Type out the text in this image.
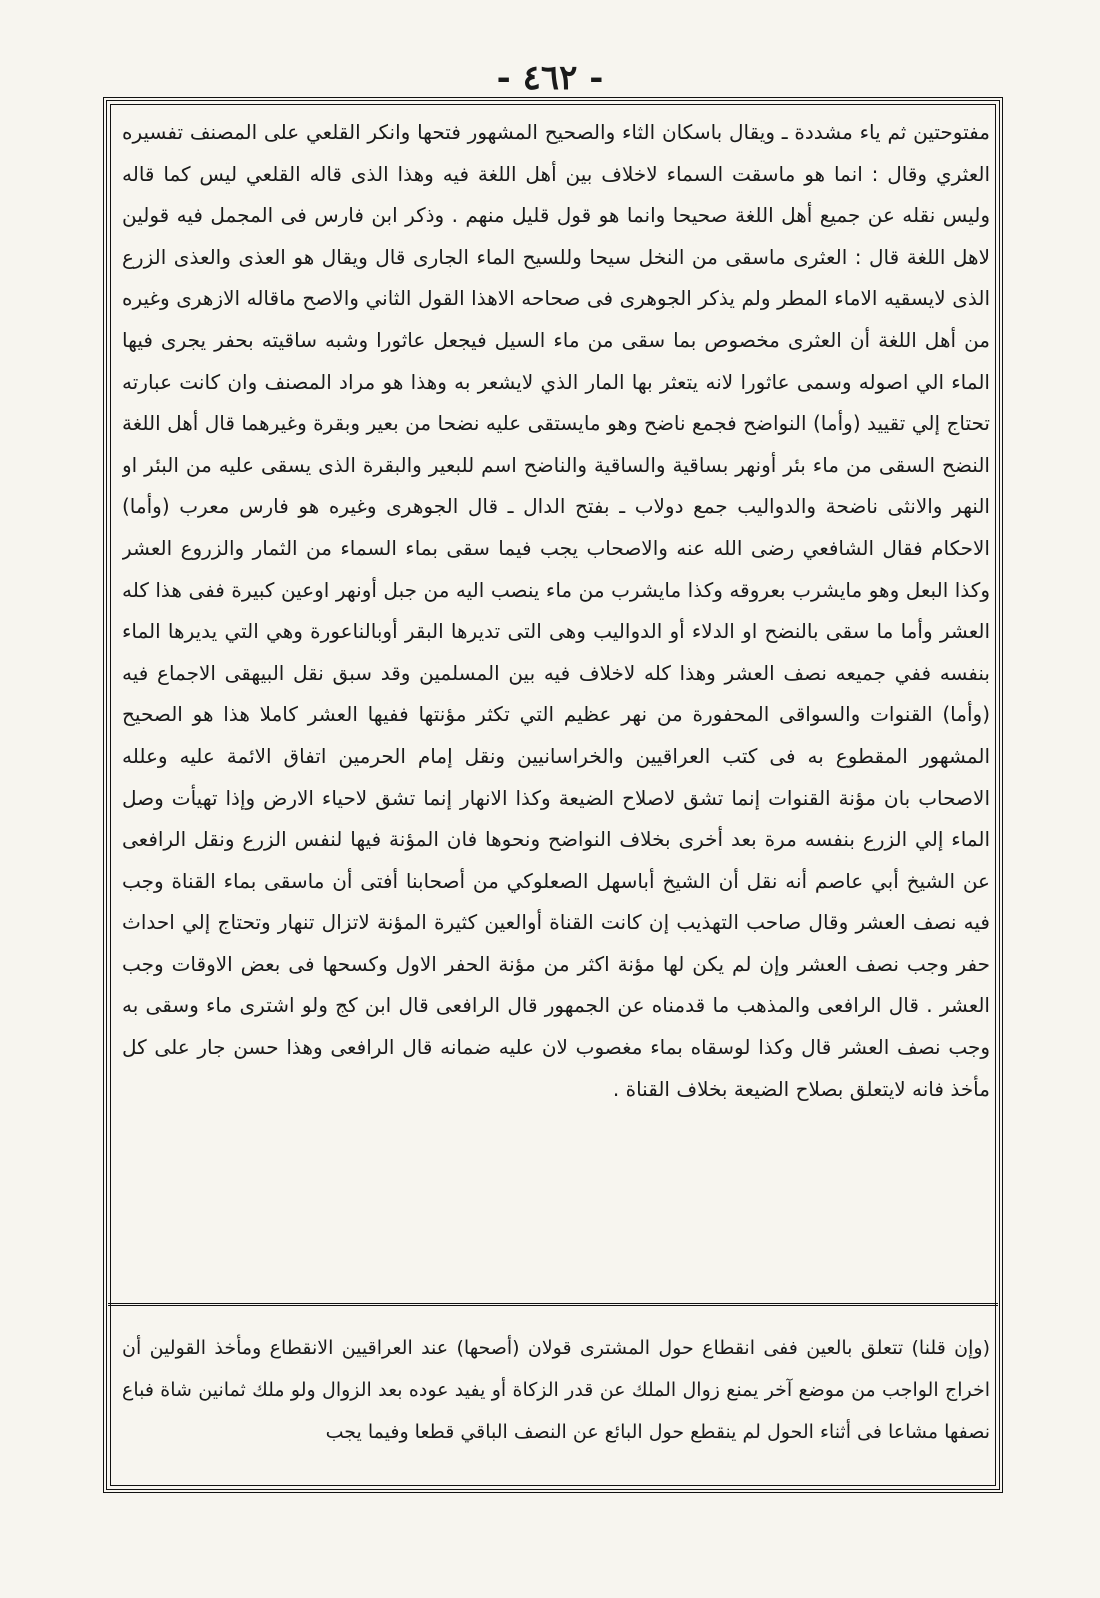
- ٤٦٢ -

مفتوحتين ثم ياء مشددة ـ ويقال باسكان الثاء والصحيح المشهور فتحها وانكر القلعي على المصنف تفسيره العثري وقال : انما هو ماسقت السماء لاخلاف بين أهل اللغة فيه وهذا الذى قاله القلعي ليس كما قاله وليس نقله عن جميع أهل اللغة صحيحا وانما هو قول قليل منهم . وذكر ابن فارس فى المجمل فيه قولين لاهل اللغة قال : العثرى ماسقى من النخل سيحا وللسيح الماء الجارى قال ويقال هو العذى والعذى الزرع الذى لايسقيه الاماء المطر ولم يذكر الجوهرى فى صحاحه الاهذا القول الثاني والاصح ماقاله الازهرى وغيره من أهل اللغة أن العثرى مخصوص بما سقى من ماء السيل فيجعل عاثورا وشبه ساقيته بحفر يجرى فيها الماء الي اصوله وسمى عاثورا لانه يتعثر بها المار الذي لايشعر به وهذا هو مراد المصنف وان كانت عبارته تحتاج إلي تقييد (وأما) النواضح فجمع ناضح وهو مايستقى عليه نضحا من بعير وبقرة وغيرهما قال أهل اللغة النضح السقى من ماء بئر أونهر بساقية والساقية والناضح اسم للبعير والبقرة الذى يسقى عليه من البئر او النهر والانثى ناضحة والدواليب جمع دولاب ـ بفتح الدال ـ قال الجوهرى وغيره هو فارس معرب (وأما) الاحكام فقال الشافعي رضى الله عنه والاصحاب يجب فيما سقى بماء السماء من الثمار والزروع العشر وكذا البعل وهو مايشرب بعروقه وكذا مايشرب من ماء ينصب اليه من جبل أونهر اوعين كبيرة ففى هذا كله العشر وأما ما سقى بالنضح او الدلاء أو الدواليب وهى التى تديرها البقر أوبالناعورة وهي التي يديرها الماء بنفسه ففي جميعه نصف العشر وهذا كله لاخلاف فيه بين المسلمين وقد سبق نقل البيهقى الاجماع فيه (وأما) القنوات والسواقى المحفورة من نهر عظيم التي تكثر مؤنتها ففيها العشر كاملا هذا هو الصحيح المشهور المقطوع به فى كتب العراقيين والخراسانيين ونقل إمام الحرمين اتفاق الائمة عليه وعلله الاصحاب بان مؤنة القنوات إنما تشق لاصلاح الضيعة وكذا الانهار إنما تشق لاحياء الارض وإذا تهيأت وصل الماء إلي الزرع بنفسه مرة بعد أخرى بخلاف النواضح ونحوها فان المؤنة فيها لنفس الزرع ونقل الرافعى عن الشيخ أبي عاصم أنه نقل أن الشيخ أباسهل الصعلوكي من أصحابنا أفتى أن ماسقى بماء القناة وجب فيه نصف العشر وقال صاحب التهذيب إن كانت القناة أوالعين كثيرة المؤنة لاتزال تنهار وتحتاج إلي احداث حفر وجب نصف العشر وإن لم يكن لها مؤنة اكثر من مؤنة الحفر الاول وكسحها فى بعض الاوقات وجب العشر . قال الرافعى والمذهب ما قدمناه عن الجمهور قال الرافعى قال ابن كج ولو اشترى ماء وسقى به وجب نصف العشر قال وكذا لوسقاه بماء مغصوب لان عليه ضمانه قال الرافعى وهذا حسن جار على كل مأخذ فانه لايتعلق بصلاح الضيعة بخلاف القناة .

(وإن قلنا) تتعلق بالعين ففى انقطاع حول المشترى قولان (أصحها) عند العراقيين الانقطاع ومأخذ القولين أن اخراج الواجب من موضع آخر يمنع زوال الملك عن قدر الزكاة أو يفيد عوده بعد الزوال ولو ملك ثمانين شاة فباع نصفها مشاعا فى أثناء الحول لم ينقطع حول البائع عن النصف الباقي قطعا وفيما يجب
